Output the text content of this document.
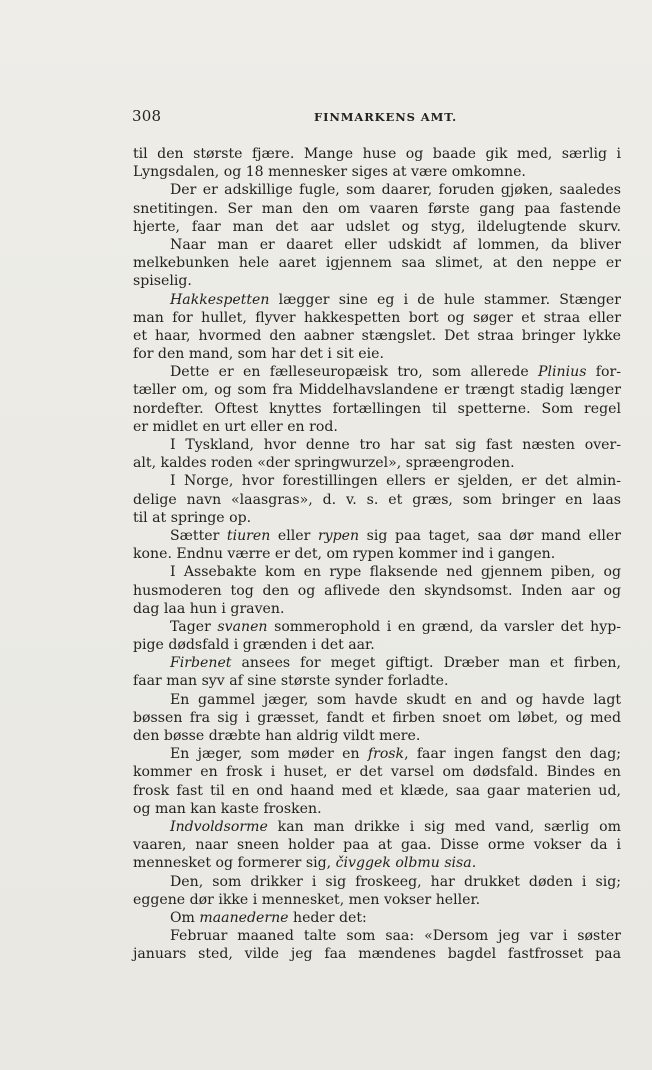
308	FINMARKENS AMT.
til den største fjære. Mange huse og baade gik med, særlig i
Lyngsdalen, og 18 mennesker siges at være omkomne.
Der er adskillige fugle, som daarer, foruden gjøken, saaledes
snetitingen. Ser man den om vaaren første gang paa fastende
hjerte, faar man det aar udslet og styg, ildelugtende skurv.
Naar man er daaret eller udskidt af lommen, da bliver
melkebunken hele aaret igjennem saa slimet, at den neppe er
spiselig.
Hakkespetten lægger sine eg i de hule stammer. Stænger
man for hullet, flyver hakkespetten bort og søger et straa eller
et haar, hvormed den aabner stængslet. Det straa bringer lykke
for den mand, som har det i sit eie.
Dette er en fælleseuropæisk tro, som allerede Plinius for-
tæller om, og som fra Middelhavslandene er trængt stadig længer
nordefter. Oftest knyttes fortællingen til spetterne. Som regel
er midlet en urt eller en rod.
I Tyskland, hvor denne tro har sat sig fast næsten over-
alt, kaldes roden «der springwurzel», spræengroden.
I Norge, hvor forestillingen ellers er sjelden, er det almin-
delige navn «laasgras», d. v. s. et græs, som bringer en laas
til at springe op.
Sætter tiuren eller rypen sig paa taget, saa dør mand eller
kone. Endnu værre er det, om rypen kommer ind i gangen.
I Assebakte kom en rype flaksende ned gjennem piben, og
husmoderen tog den og aflivede den skyndsomst. Inden aar og
dag laa hun i graven.
Tager svanen sommerophold i en grænd, da varsler det hyp-
pige dødsfald i grænden i det aar.
Firbenet ansees for meget giftigt. Dræber man et firben,
faar man syv af sine største synder forladte.
En gammel jæger, som havde skudt en and og havde lagt
bøssen fra sig i græsset, fandt et firben snoet om løbet, og med
den bøsse dræbte han aldrig vildt mere.
En jæger, som møder en frosk, faar ingen fangst den dag;
kommer en frosk i huset, er det varsel om dødsfald. Bindes en
frosk fast til en ond haand med et klæde, saa gaar materien ud,
og man kan kaste frosken.
Indvoldsorme kan man drikke i sig med vand, særlig om
vaaren, naar sneen holder paa at gaa. Disse orme vokser da i
mennesket og formerer sig, čivggek olbmu sisa.
Den, som drikker i sig froskeeg, har drukket døden i sig;
eggene dør ikke i mennesket, men vokser heller.
Om maanederne heder det:
Februar maaned talte som saa: «Dersom jeg var i søster
januars sted, vilde jeg faa mændenes bagdel fastfrosset paa
